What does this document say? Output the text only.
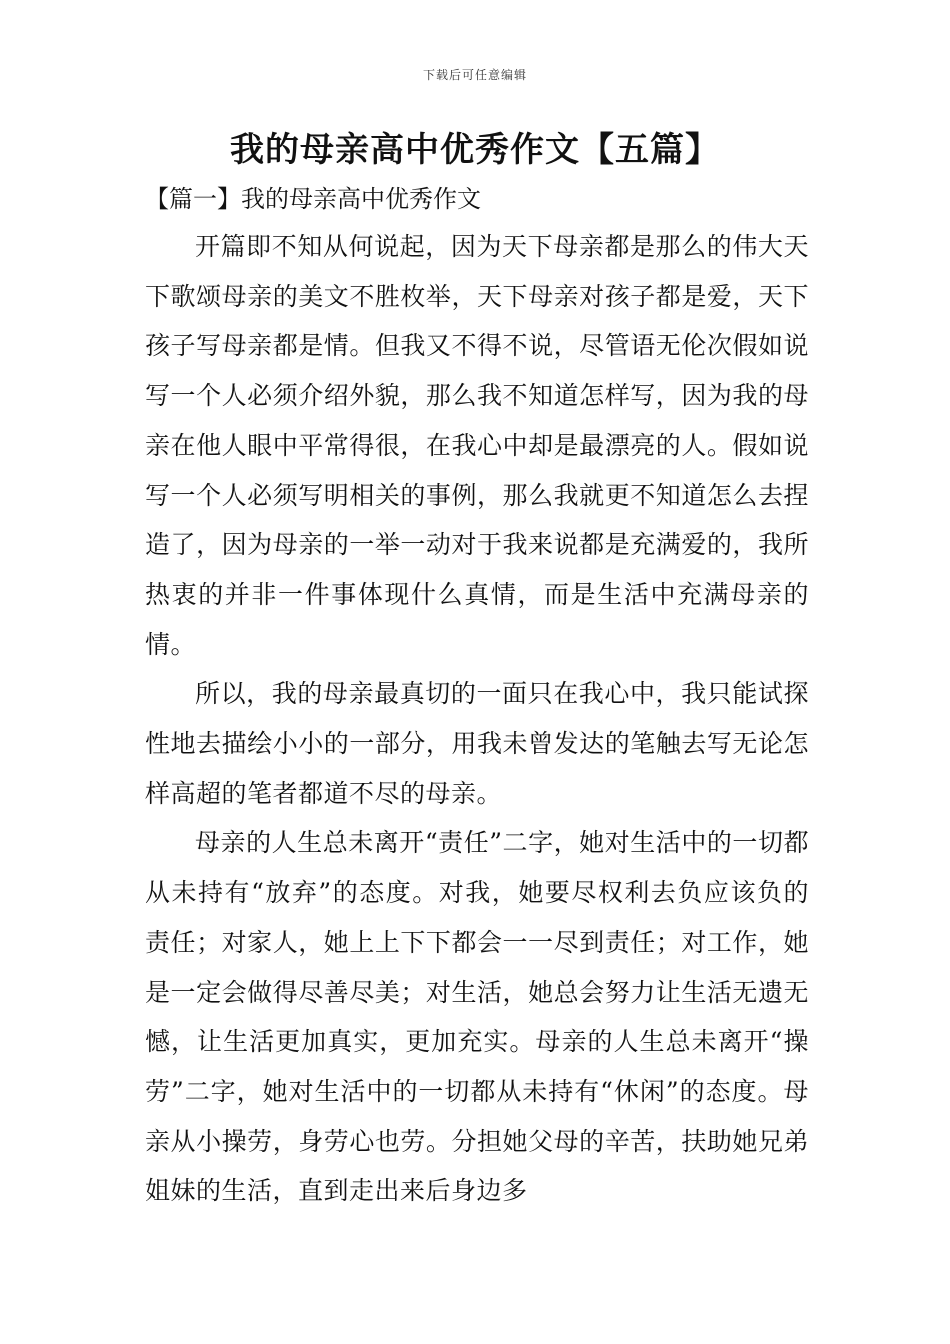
下载后可任意编辑
我的母亲高中优秀作文【五篇】
【篇一】我的母亲高中优秀作文

开篇即不知从何说起，因为天下母亲都是那么的伟大天下歌颂母亲的美文不胜枚举，天下母亲对孩子都是爱，天下孩子写母亲都是情。但我又不得不说，尽管语无伦次假如说写一个人必须介绍外貌，那么我不知道怎样写，因为我的母亲在他人眼中平常得很，在我心中却是最漂亮的人。假如说写一个人必须写明相关的事例，那么我就更不知道怎么去捏造了，因为母亲的一举一动对于我来说都是充满爱的，我所热衷的并非一件事体现什么真情，而是生活中充满母亲的情。

所以，我的母亲最真切的一面只在我心中，我只能试探性地去描绘小小的一部分，用我未曾发达的笔触去写无论怎样高超的笔者都道不尽的母亲。

母亲的人生总未离开“责任”二字，她对生活中的一切都从未持有“放弃”的态度。对我，她要尽权利去负应该负的责任；对家人，她上上下下都会一一尽到责任；对工作，她是一定会做得尽善尽美；对生活，她总会努力让生活无遗无憾，让生活更加真实，更加充实。母亲的人生总未离开“操劳”二字，她对生活中的一切都从未持有“休闲”的态度。母亲从小操劳，身劳心也劳。分担她父母的辛苦，扶助她兄弟姐妹的生活，直到走出来后身边多
